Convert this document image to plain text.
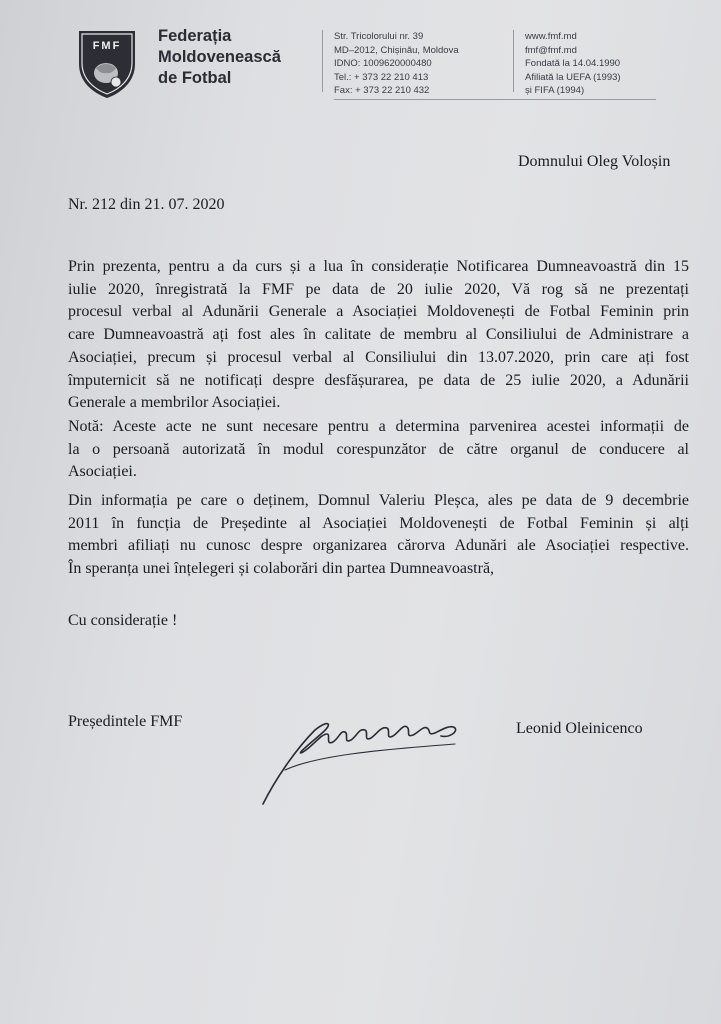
FMF
Federația
Moldovenească
de Fotbal
Str. Tricolorului nr. 39
MD–2012, Chișinău, Moldova
IDNO: 1009620000480
Tel.: + 373 22 210 413
Fax: + 373 22 210 432
www.fmf.md
fmf@fmf.md
Fondată la 14.04.1990
Afiliată la UEFA (1993)
și FIFA (1994)
Domnului Oleg Voloșin
Nr. 212 din 21. 07. 2020
Prin prezenta, pentru a da curs și a lua în considerație Notificarea Dumneavoastră din 15
iulie 2020, înregistrată la FMF pe data de 20 iulie 2020, Vă rog să ne prezentați
procesul verbal al Adunării Generale a Asociației Moldovenești de Fotbal Feminin prin
care Dumneavoastră ați fost ales în calitate de membru al Consiliului de Administrare a
Asociației, precum și procesul verbal al Consiliului din 13.07.2020, prin care ați fost
împuternicit să ne notificați despre desfășurarea, pe data de 25 iulie 2020, a Adunării
Generale a membrilor Asociației.
Notă: Aceste acte ne sunt necesare pentru a determina parvenirea acestei informații de
la o persoană autorizată în modul corespunzător de către organul de conducere al
Asociației.
Din informația pe care o deținem, Domnul Valeriu Pleșca, ales pe data de 9 decembrie
2011 în funcția de Președinte al Asociației Moldovenești de Fotbal Feminin și alți
membri afiliați nu cunosc despre organizarea cărorva Adunări ale Asociației respective.
În speranța unei înțelegeri și colaborări din partea Dumneavoastră,
Cu considerație !
Președintele FMF	Leonid Oleinicenco
